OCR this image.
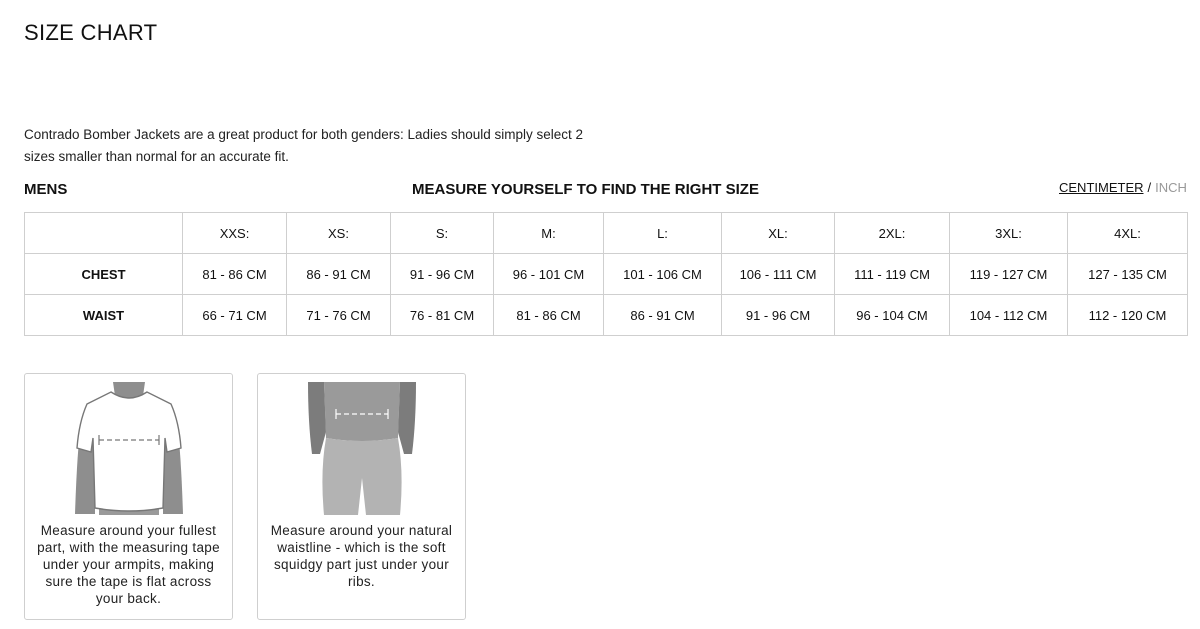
SIZE CHART

Contrado Bomber Jackets are a great product for both genders: Ladies should simply select 2 sizes smaller than normal for an accurate fit.

MENS	MEASURE YOURSELF TO FIND THE RIGHT SIZE	CENTIMETER / INCH
	XXS:	XS:	S:	M:	L:	XL:	2XL:	3XL:	4XL:
CHEST	81 - 86 CM	86 - 91 CM	91 - 96 CM	96 - 101 CM	101 - 106 CM	106 - 111 CM	111 - 119 CM	119 - 127 CM	127 - 135 CM
WAIST	66 - 71 CM	71 - 76 CM	76 - 81 CM	81 - 86 CM	86 - 91 CM	91 - 96 CM	96 - 104 CM	104 - 112 CM	112 - 120 CM
Measure around your fullest part, with the measuring tape under your armpits, making sure the tape is flat across your back.
Measure around your natural waistline - which is the soft squidgy part just under your ribs.
